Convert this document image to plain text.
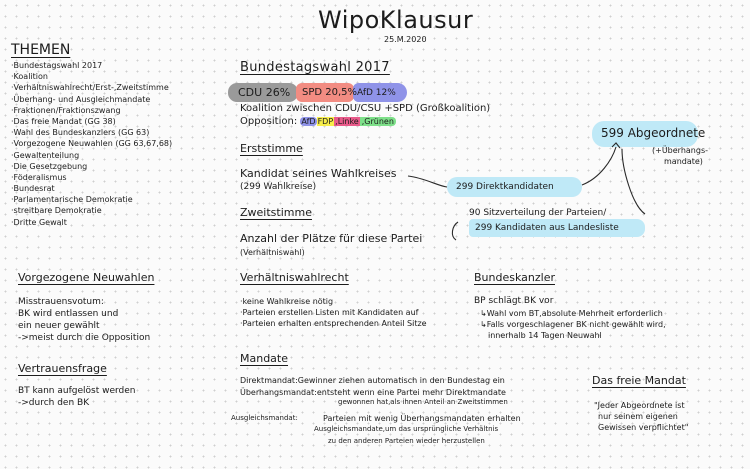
WipoKlausur
25.M.2020
THEMEN
·Bundestagswahl 2017
·Koalition
·Verhältniswahlrecht/Erst-,Zweitstimme
·Überhang- und Ausgleichmandate
·Fraktionen/Fraktionszwang
·Das freie Mandat (GG 38)
·Wahl des Bundeskanzlers (GG 63)
·Vorgezogene Neuwahlen (GG 63,67,68)
·Gewaltenteilung
·Die Gesetzgebung
·Föderalismus
·Bundesrat
·Parlamentarische Demokratie
·streitbare Demokratie
·Dritte Gewalt
Vorgezogene Neuwahlen
Misstrauensvotum:
BK wird entlassen und
ein neuer gewählt
->meist durch die Opposition
Vertrauensfrage
BT kann aufgelöst werden
->durch den BK
Bundestagswahl 2017
CDU 26% SPD 20,5% AfD 12%
Koalition zwischen CDU/CSU +SPD (Großkoalition)
Opposition: AfD FDP ,Linke ,Grünen
Erststimme
Kandidat seines Wahlkreises
(299 Wahlkreise)	299 Direktkandidaten
599 Abgeordnete
(+Überhangs-
mandate)
Zweitstimme
Anzahl der Plätze für diese Partei
(Verhältniswahl)
90 Sitzverteilung der Parteien/
299 Kandidaten aus Landesliste
Verhältniswahlrecht
·keine Wahlkreise nötig
·Parteien erstellen Listen mit Kandidaten auf
·Parteien erhalten entsprechenden Anteil Sitze
Bundeskanzler
BP schlägt BK vor
↳Wahl vom BT,absolute Mehrheit erforderlich
↳Falls vorgeschlagener BK nicht gewählt wird,
innerhalb 14 Tagen Neuwahl
Mandate
Direktmandat:Gewinner ziehen automatisch in den Bundestag ein
Überhangsmandat:entsteht wenn eine Partei mehr Direktmandate
gewonnen hat,als ihnen Anteil an Zweitstimmen
Ausgleichsmandat:	Parteien mit wenig Überhangsmandaten erhalten
Ausgleichsmandate,um das ursprüngliche Verhältnis
zu den anderen Parteien wieder herzustellen
Das freie Mandat
"Jeder Abgeordnete ist
nur seinem eigenen
Gewissen verpflichtet"
